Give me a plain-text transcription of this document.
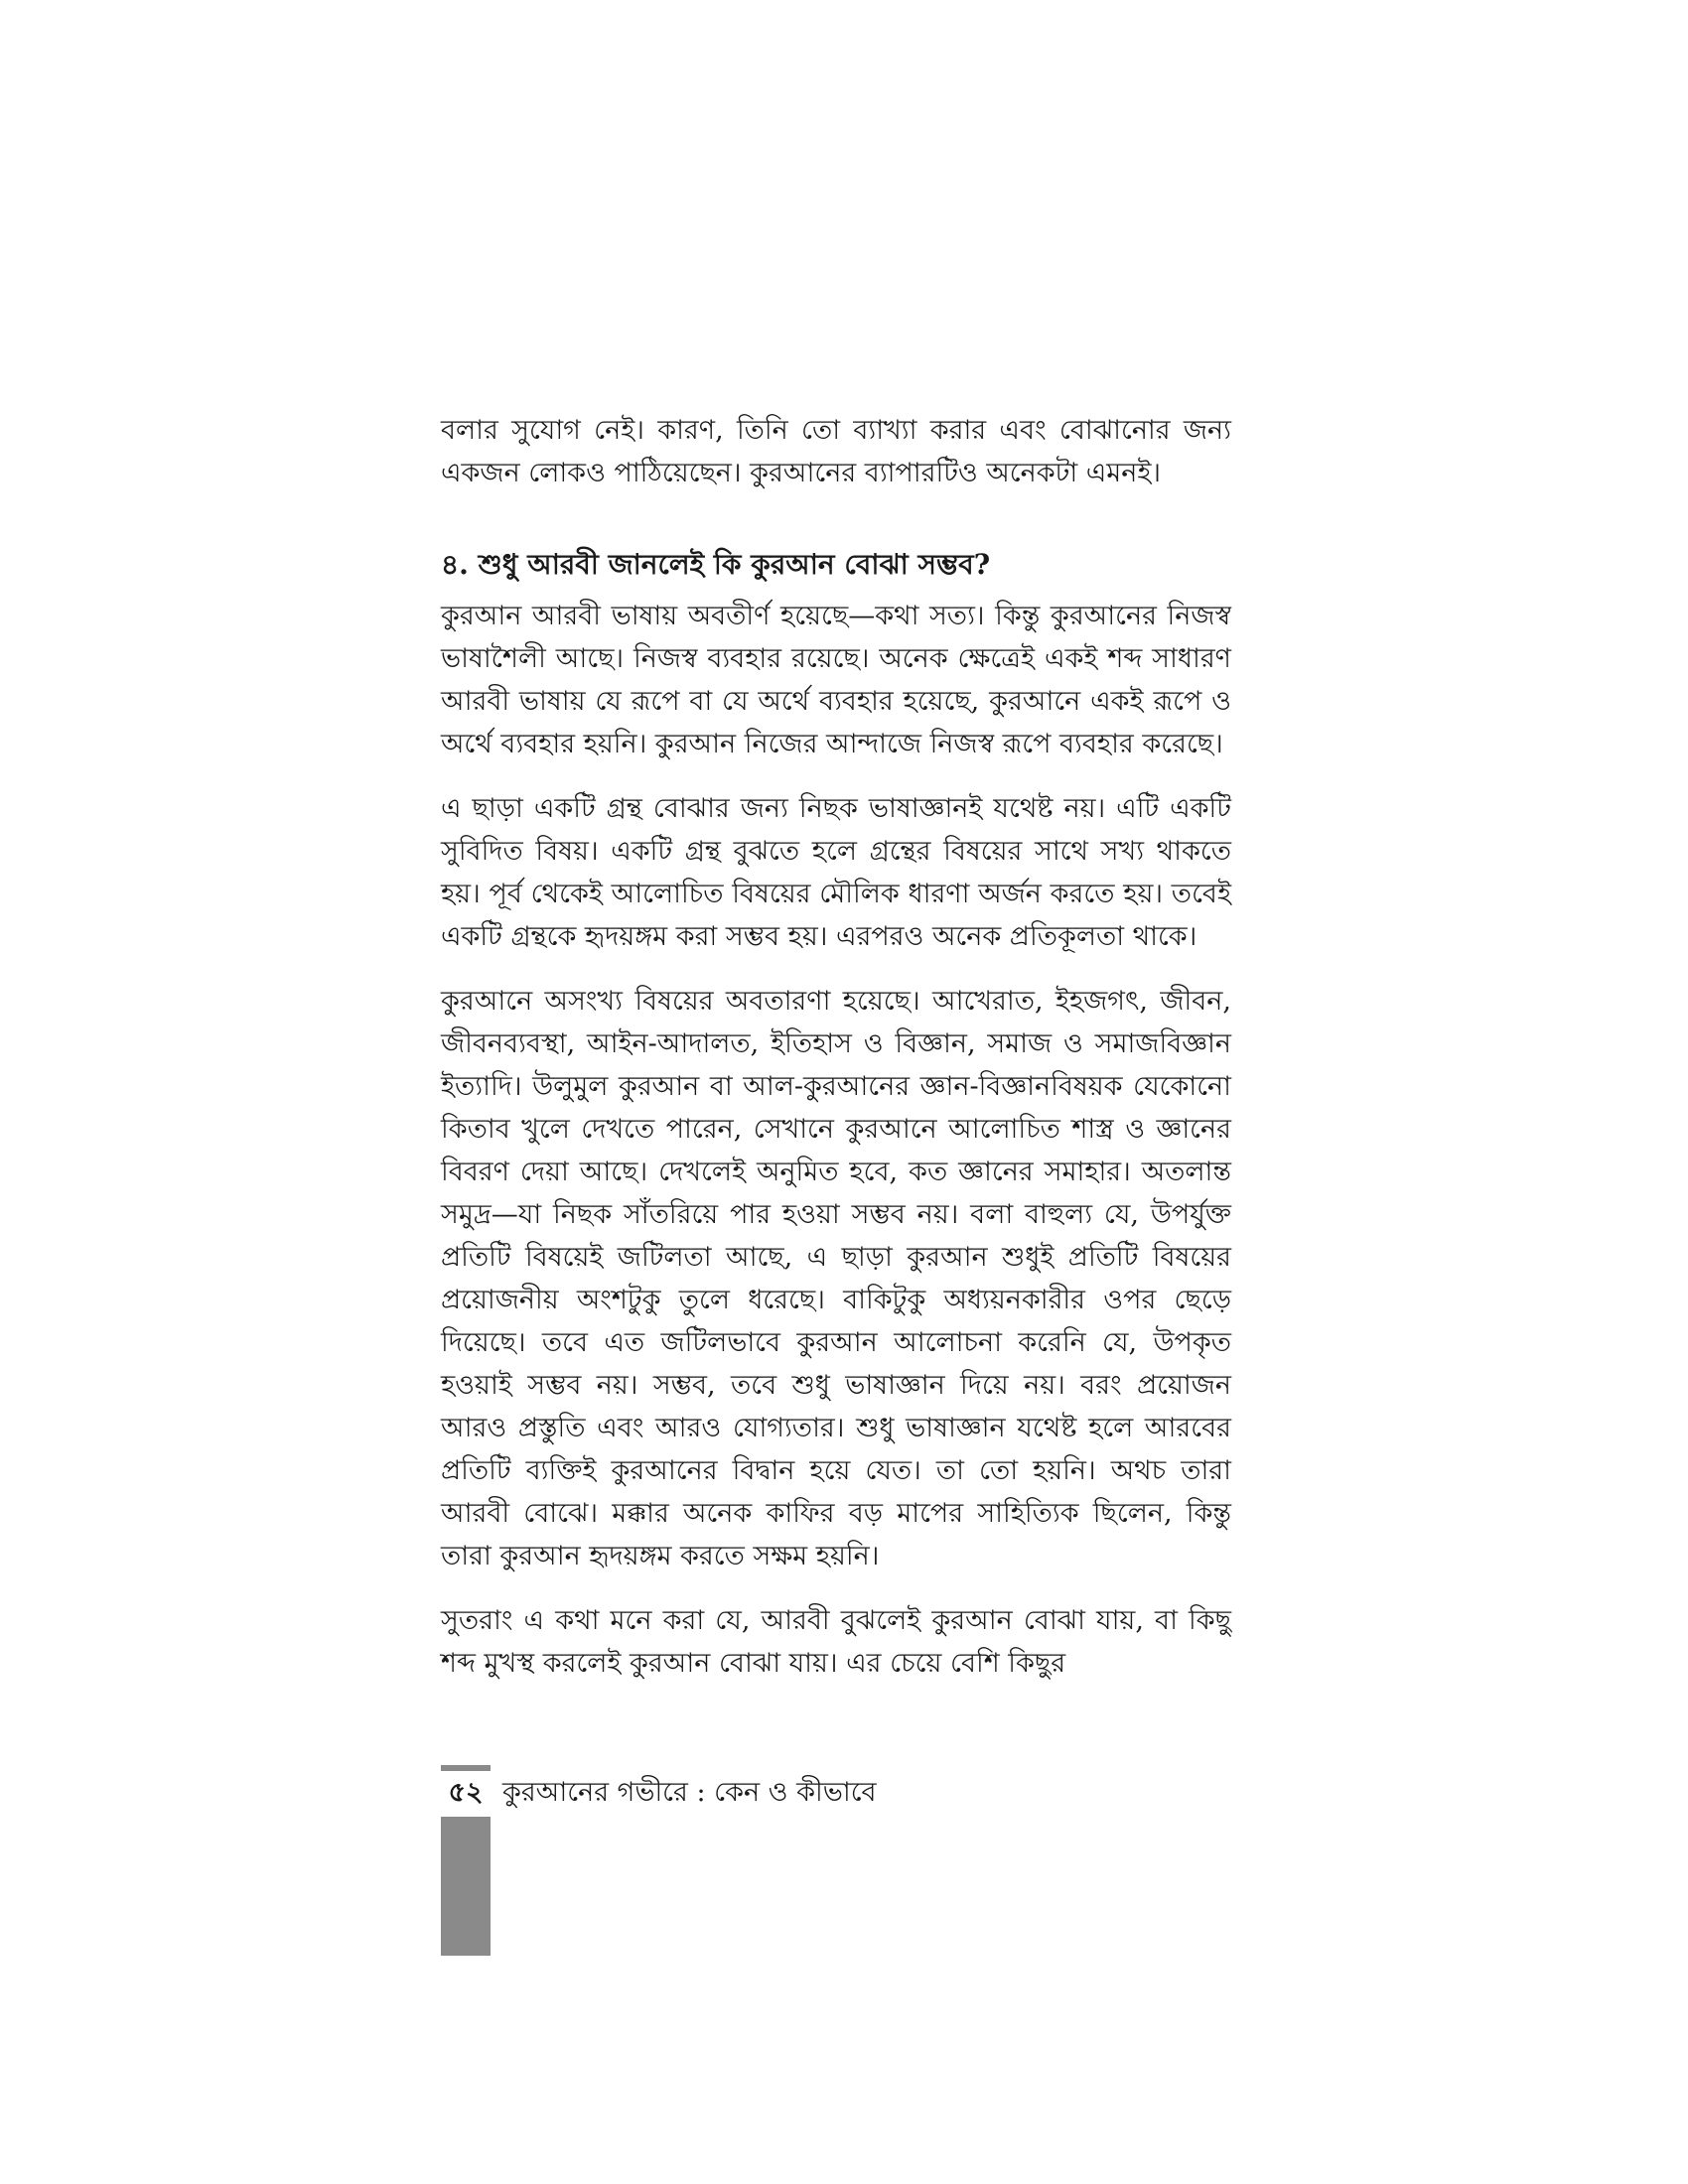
বলার সুযোগ নেই। কারণ, তিনি তো ব্যাখ্যা করার এবং বোঝানোর জন্য একজন লোকও পাঠিয়েছেন। কুরআনের ব্যাপারটিও অনেকটা এমনই।

৪. শুধু আরবী জানলেই কি কুরআন বোঝা সম্ভব?

কুরআন আরবী ভাষায় অবতীর্ণ হয়েছে—কথা সত্য। কিন্তু কুরআনের নিজস্ব ভাষাশৈলী আছে। নিজস্ব ব্যবহার রয়েছে। অনেক ক্ষেত্রেই একই শব্দ সাধারণ আরবী ভাষায় যে রূপে বা যে অর্থে ব্যবহার হয়েছে, কুরআনে একই রূপে ও অর্থে ব্যবহার হয়নি। কুরআন নিজের আন্দাজে নিজস্ব রূপে ব্যবহার করেছে।

এ ছাড়া একটি গ্রন্থ বোঝার জন্য নিছক ভাষাজ্ঞানই যথেষ্ট নয়। এটি একটি সুবিদিত বিষয়। একটি গ্রন্থ বুঝতে হলে গ্রন্থের বিষয়ের সাথে সখ্য থাকতে হয়। পূর্ব থেকেই আলোচিত বিষয়ের মৌলিক ধারণা অর্জন করতে হয়। তবেই একটি গ্রন্থকে হৃদয়ঙ্গম করা সম্ভব হয়। এরপরও অনেক প্রতিকূলতা থাকে।

কুরআনে অসংখ্য বিষয়ের অবতারণা হয়েছে। আখেরাত, ইহজগৎ, জীবন, জীবনব্যবস্থা, আইন-আদালত, ইতিহাস ও বিজ্ঞান, সমাজ ও সমাজবিজ্ঞান ইত্যাদি। উলুমুল কুরআন বা আল-কুরআনের জ্ঞান-বিজ্ঞানবিষয়ক যেকোনো কিতাব খুলে দেখতে পারেন, সেখানে কুরআনে আলোচিত শাস্ত্র ও জ্ঞানের বিবরণ দেয়া আছে। দেখলেই অনুমিত হবে, কত জ্ঞানের সমাহার। অতলান্ত সমুদ্র—যা নিছক সাঁতরিয়ে পার হওয়া সম্ভব নয়। বলা বাহুল্য যে, উপর্যুক্ত প্রতিটি বিষয়েই জটিলতা আছে, এ ছাড়া কুরআন শুধুই প্রতিটি বিষয়ের প্রয়োজনীয় অংশটুকু তুলে ধরেছে। বাকিটুকু অধ্যয়নকারীর ওপর ছেড়ে দিয়েছে। তবে এত জটিলভাবে কুরআন আলোচনা করেনি যে, উপকৃত হওয়াই সম্ভব নয়। সম্ভব, তবে শুধু ভাষাজ্ঞান দিয়ে নয়। বরং প্রয়োজন আরও প্রস্তুতি এবং আরও যোগ্যতার। শুধু ভাষাজ্ঞান যথেষ্ট হলে আরবের প্রতিটি ব্যক্তিই কুরআনের বিদ্বান হয়ে যেত। তা তো হয়নি। অথচ তারা আরবী বোঝে। মক্কার অনেক কাফির বড় মাপের সাহিত্যিক ছিলেন, কিন্তু তারা কুরআন হৃদয়ঙ্গম করতে সক্ষম হয়নি।

সুতরাং এ কথা মনে করা যে, আরবী বুঝলেই কুরআন বোঝা যায়, বা কিছু শব্দ মুখস্থ করলেই কুরআন বোঝা যায়। এর চেয়ে বেশি কিছুর

৫২ কুরআনের গভীরে : কেন ও কীভাবে
